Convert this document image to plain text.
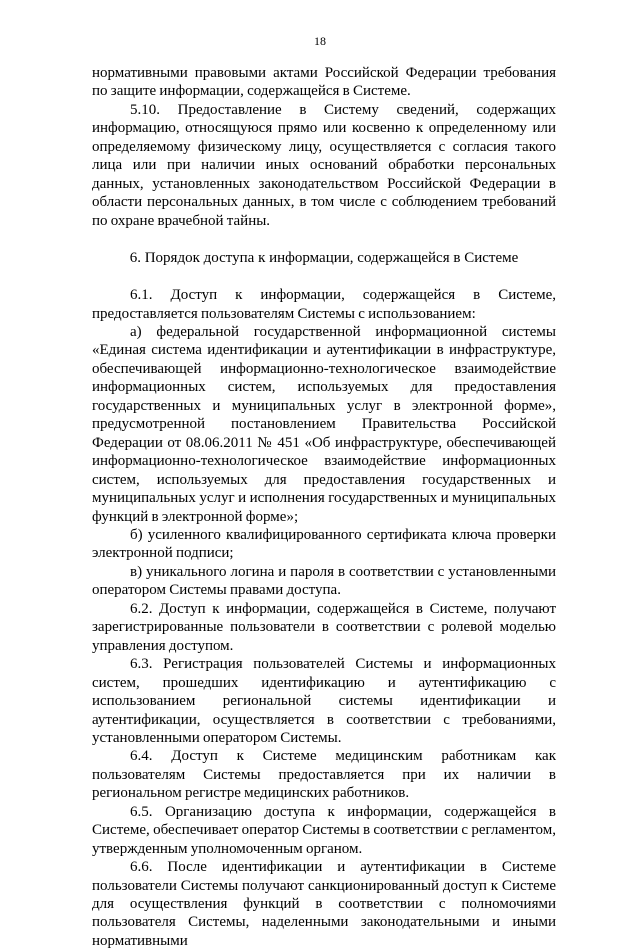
18

нормативными правовыми актами Российской Федерации требования по защите информации, содержащейся в Системе.

5.10. Предоставление в Систему сведений, содержащих информацию, относящуюся прямо или косвенно к определенному или определяемому физическому лицу, осуществляется с согласия такого лица или при наличии иных оснований обработки персональных данных, установленных законодательством Российской Федерации в области персональных данных, в том числе с соблюдением требований по охране врачебной тайны.

6. Порядок доступа к информации, содержащейся в Системе

6.1. Доступ к информации, содержащейся в Системе, предоставляется пользователям Системы с использованием:

а) федеральной государственной информационной системы «Единая система идентификации и аутентификации в инфраструктуре, обеспечивающей информационно-технологическое взаимодействие информационных систем, используемых для предоставления государственных и муниципальных услуг в электронной форме», предусмотренной постановлением Правительства Российской Федерации от 08.06.2011 № 451 «Об инфраструктуре, обеспечивающей информационно-технологическое взаимодействие информационных систем, используемых для предоставления государственных и муниципальных услуг и исполнения государственных и муниципальных функций в электронной форме»;

б) усиленного квалифицированного сертификата ключа проверки электронной подписи;

в) уникального логина и пароля в соответствии с установленными оператором Системы правами доступа.

6.2. Доступ к информации, содержащейся в Системе, получают зарегистрированные пользователи в соответствии с ролевой моделью управления доступом.

6.3. Регистрация пользователей Системы и информационных систем, прошедших идентификацию и аутентификацию с использованием региональной системы идентификации и аутентификации, осуществляется в соответствии с требованиями, установленными оператором Системы.

6.4. Доступ к Системе медицинским работникам как пользователям Системы предоставляется при их наличии в региональном регистре медицинских работников.

6.5. Организацию доступа к информации, содержащейся в Системе, обеспечивает оператор Системы в соответствии с регламентом, утвержденным уполномоченным органом.

6.6. После идентификации и аутентификации в Системе пользователи Системы получают санкционированный доступ к Системе для осуществления функций в соответствии с полномочиями пользователя Системы, наделенными законодательными и иными нормативными
